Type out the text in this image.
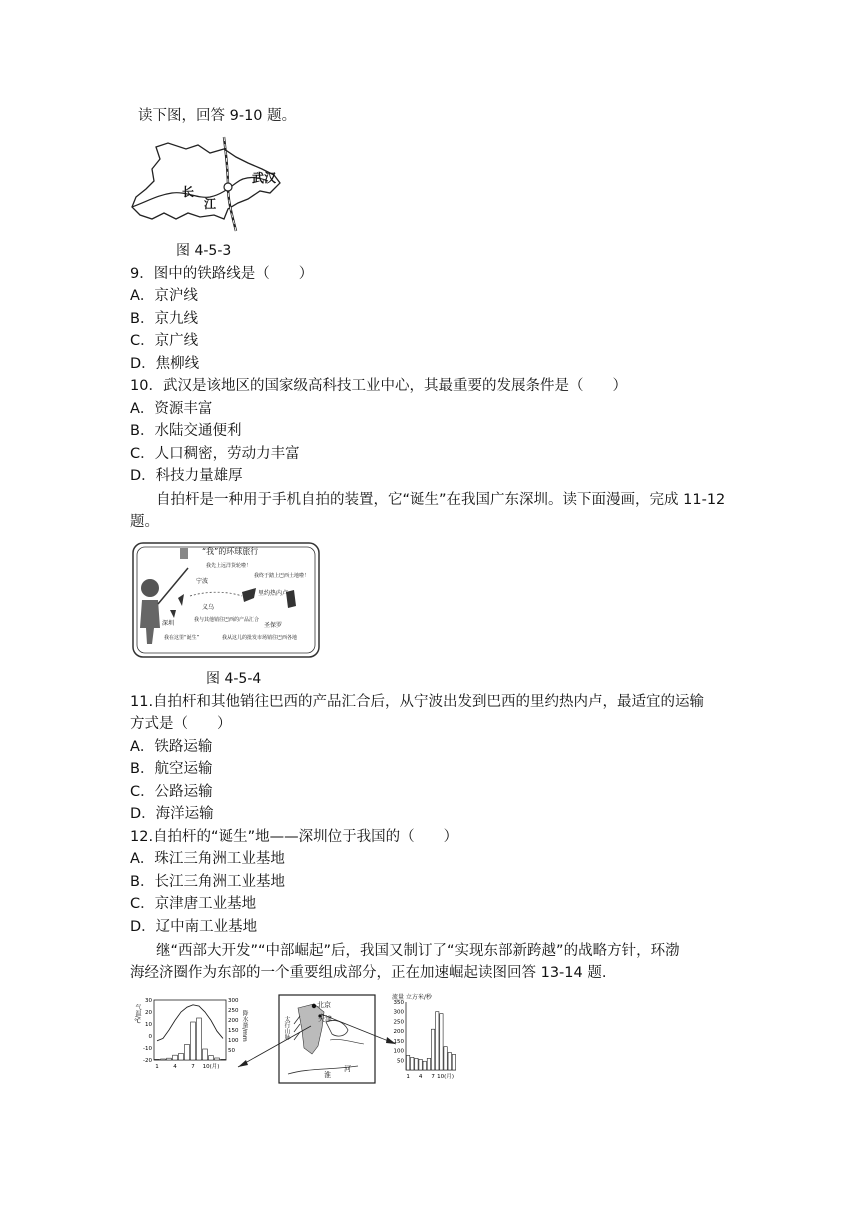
读下图，回答 9-10 题。
长
江
武汉
图 4-5-3
9．图中的铁路线是（　　）
A．京沪线
B．京九线
C．京广线
D．焦柳线
10．武汉是该地区的国家级高科技工业中心，其最重要的发展条件是（　　）
A．资源丰富
B．水陆交通便利
C．人口稠密，劳动力丰富
D．科技力量雄厚
自拍杆是一种用于手机自拍的装置，它“诞生”在我国广东深圳。读下面漫画，完成 11-12
题。
“我”的环球旅行
我先上远洋货轮啦！
我终于踏上巴西土地啦！
宁波
义乌
里约热内卢
深圳	我与其他销往巴西的产品汇合
圣保罗
我在这里“诞生”	我从这儿的批发市场销往巴西各地
图 4-5-4
11.自拍杆和其他销往巴西的产品汇合后，从宁波出发到巴西的里约热内卢，最适宜的运输
方式是（　　）
A．铁路运输
B．航空运输
C．公路运输
D．海洋运输
12.自拍杆的“诞生”地——深圳位于我国的（　　）
A．珠江三角洲工业基地
B．长江三角洲工业基地
C．京津唐工业基地
D．辽中南工业基地
继“西部大开发”“中部崛起”后，我国又制订了“实现东部新跨越”的战略方针，环渤
海经济圈作为东部的一个重要组成部分，正在加速崛起读图回答 13-14 题.
30
20
10
0
-10
-20
300
250
200
150
100
50
1	4	7 10(月)
气温/℃	降水量/mm
北京
天津
太行山脉
淮
河
350
300
250
200
150
100
50
1 4 7 10(月)
流量 立方米/秒
